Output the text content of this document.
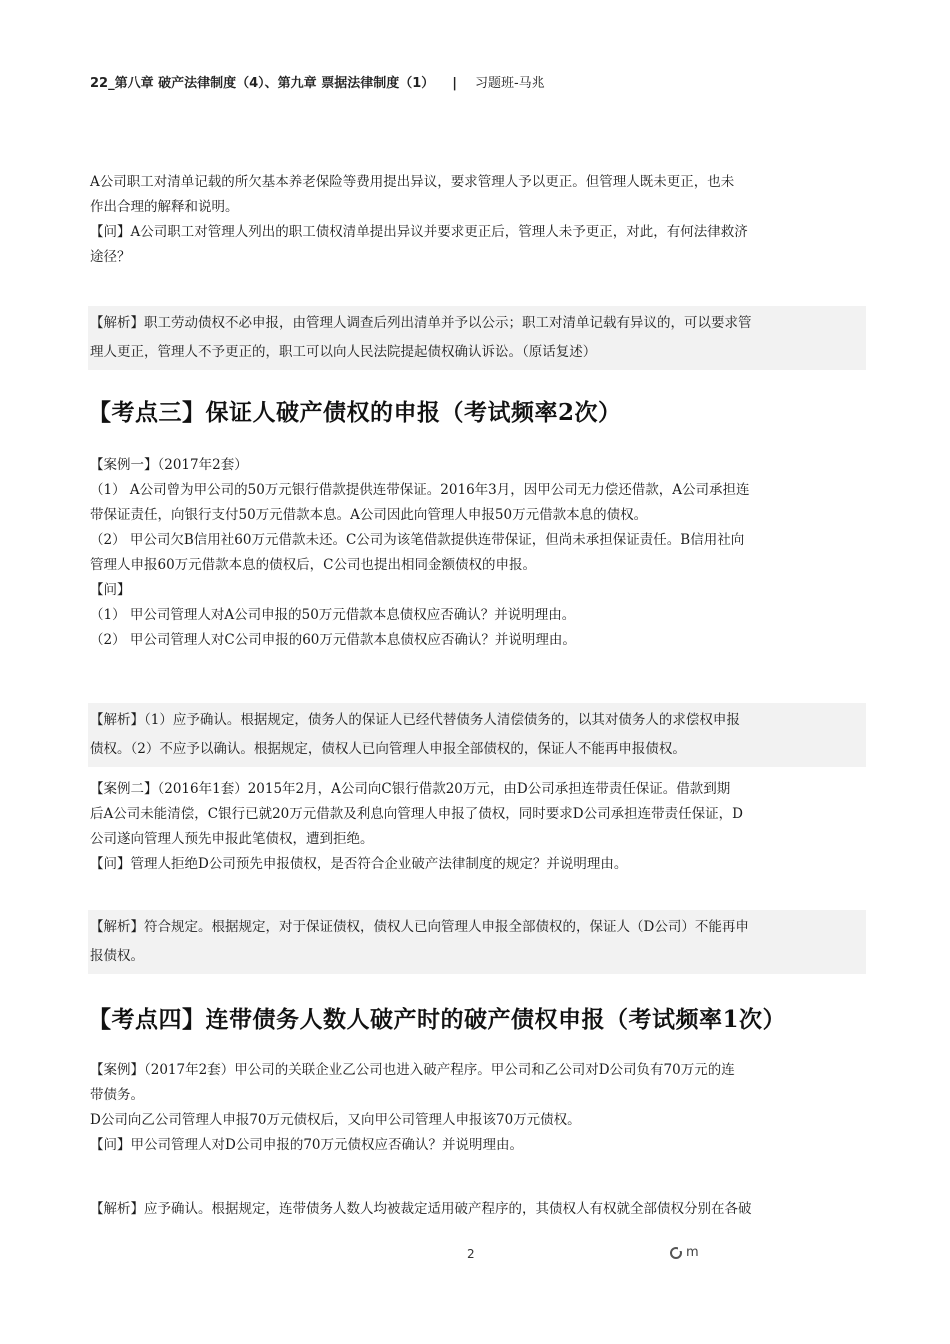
22_第八章 破产法律制度（4）、第九章 票据法律制度（1） | 习题班-马兆

A公司职工对清单记载的所欠基本养老保险等费用提出异议，要求管理人予以更正。但管理人既未更正，也未

作出合理的解释和说明。

【问】A公司职工对管理人列出的职工债权清单提出异议并要求更正后，管理人未予更正，对此，有何法律救济

途径？

【解析】职工劳动债权不必申报，由管理人调查后列出清单并予以公示；职工对清单记载有异议的，可以要求管

理人更正，管理人不予更正的，职工可以向人民法院提起债权确认诉讼。（原话复述）

【考点三】保证人破产债权的申报（考试频率2次）

【案例一】（2017年2套）

（1） A公司曾为甲公司的50万元银行借款提供连带保证。2016年3月，因甲公司无力偿还借款，A公司承担连

带保证责任，向银行支付50万元借款本息。A公司因此向管理人申报50万元借款本息的债权。

（2） 甲公司欠B信用社60万元借款未还。C公司为该笔借款提供连带保证，但尚未承担保证责任。B信用社向

管理人申报60万元借款本息的债权后，C公司也提出相同金额债权的申报。

【问】

（1） 甲公司管理人对A公司申报的50万元借款本息债权应否确认？并说明理由。

（2） 甲公司管理人对C公司申报的60万元借款本息债权应否确认？并说明理由。

【解析】（1）应予确认。根据规定，债务人的保证人已经代替债务人清偿债务的，以其对债务人的求偿权申报

债权。（2）不应予以确认。根据规定，债权人已向管理人申报全部债权的，保证人不能再申报债权。

【案例二】（2016年1套）2015年2月，A公司向C银行借款20万元，由D公司承担连带责任保证。借款到期

后A公司未能清偿，C银行已就20万元借款及利息向管理人申报了债权，同时要求D公司承担连带责任保证，D

公司遂向管理人预先申报此笔债权，遭到拒绝。

【问】管理人拒绝D公司预先申报债权，是否符合企业破产法律制度的规定？并说明理由。

【解析】符合规定。根据规定，对于保证债权，债权人已向管理人申报全部债权的，保证人（D公司）不能再申

报债权。

【考点四】连带债务人数人破产时的破产债权申报（考试频率1次）

【案例】（2017年2套）甲公司的关联企业乙公司也进入破产程序。甲公司和乙公司对D公司负有70万元的连

带债务。

D公司向乙公司管理人申报70万元债权后，又向甲公司管理人申报该70万元债权。

【问】甲公司管理人对D公司申报的70万元债权应否确认？并说明理由。

【解析】应予确认。根据规定，连带债务人数人均被裁定适用破产程序的，其债权人有权就全部债权分别在各破

2	m
